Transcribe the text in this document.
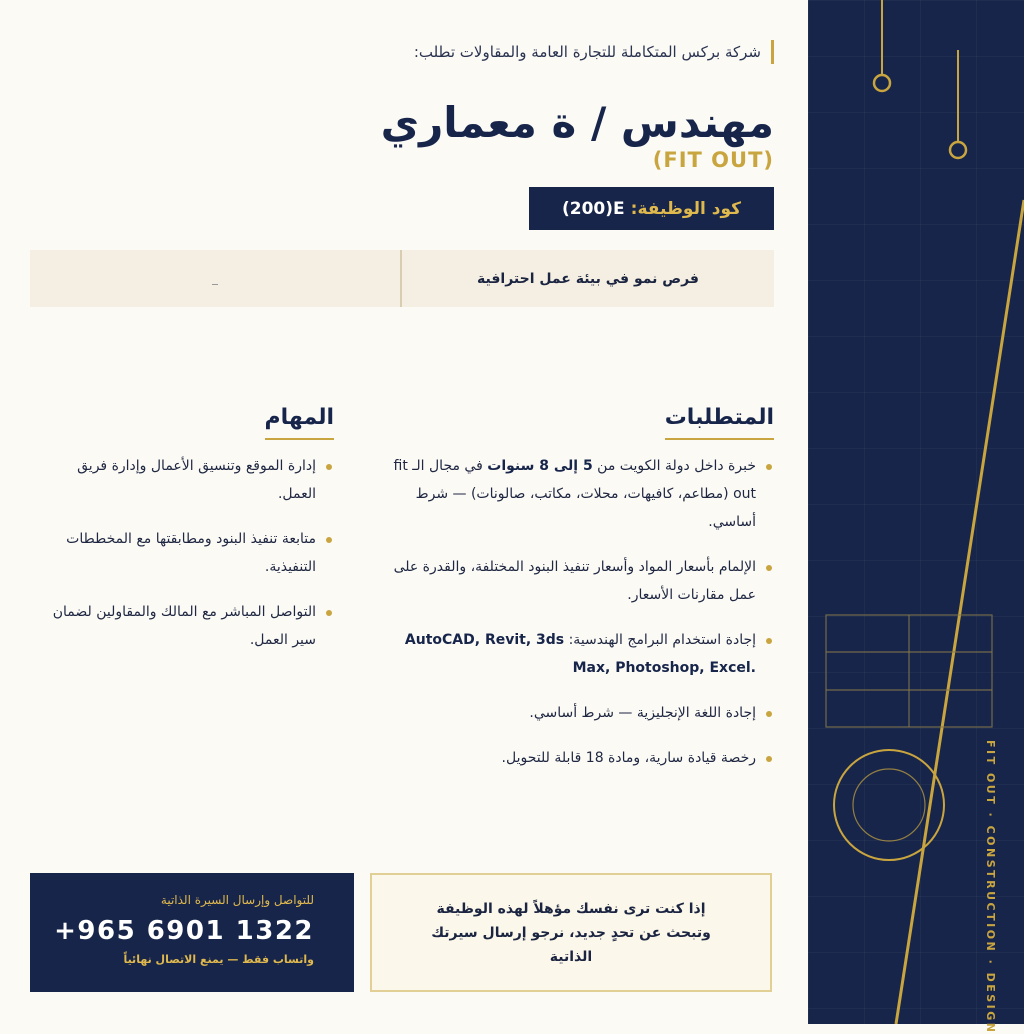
FIT OUT · CONSTRUCTION · DESIGN
شركة بركس المتكاملة للتجارة العامة والمقاولات تطلب:
مهندس / ة معماري
(FIT OUT)
كود الوظيفة:
(200)E
فرص نمو في بيئة عمل احترافية
المتطلبات
خبرة داخل دولة الكويت من 5 إلى 8 سنوات في مجال الـ fit out (مطاعم، كافيهات، محلات، مكاتب، صالونات) — شرط أساسي.
الإلمام بأسعار المواد وأسعار تنفيذ البنود المختلفة، والقدرة على عمل مقارنات الأسعار.
إجادة استخدام البرامج الهندسية: AutoCAD, Revit, 3ds Max, Photoshop, Excel.
إجادة اللغة الإنجليزية — شرط أساسي.
رخصة قيادة سارية، ومادة 18 قابلة للتحويل.
المهام
إدارة الموقع وتنسيق الأعمال وإدارة فريق العمل.
متابعة تنفيذ البنود ومطابقتها مع المخططات التنفيذية.
التواصل المباشر مع المالك والمقاولين لضمان سير العمل.
إذا كنت ترى نفسك مؤهلاً لهذه الوظيفة وتبحث عن تحدٍ جديد، نرجو إرسال سيرتك الذاتية
للتواصل وإرسال السيرة الذاتية
+965 6901 1322
واتساب فقط — يمنع الاتصال نهائياً
